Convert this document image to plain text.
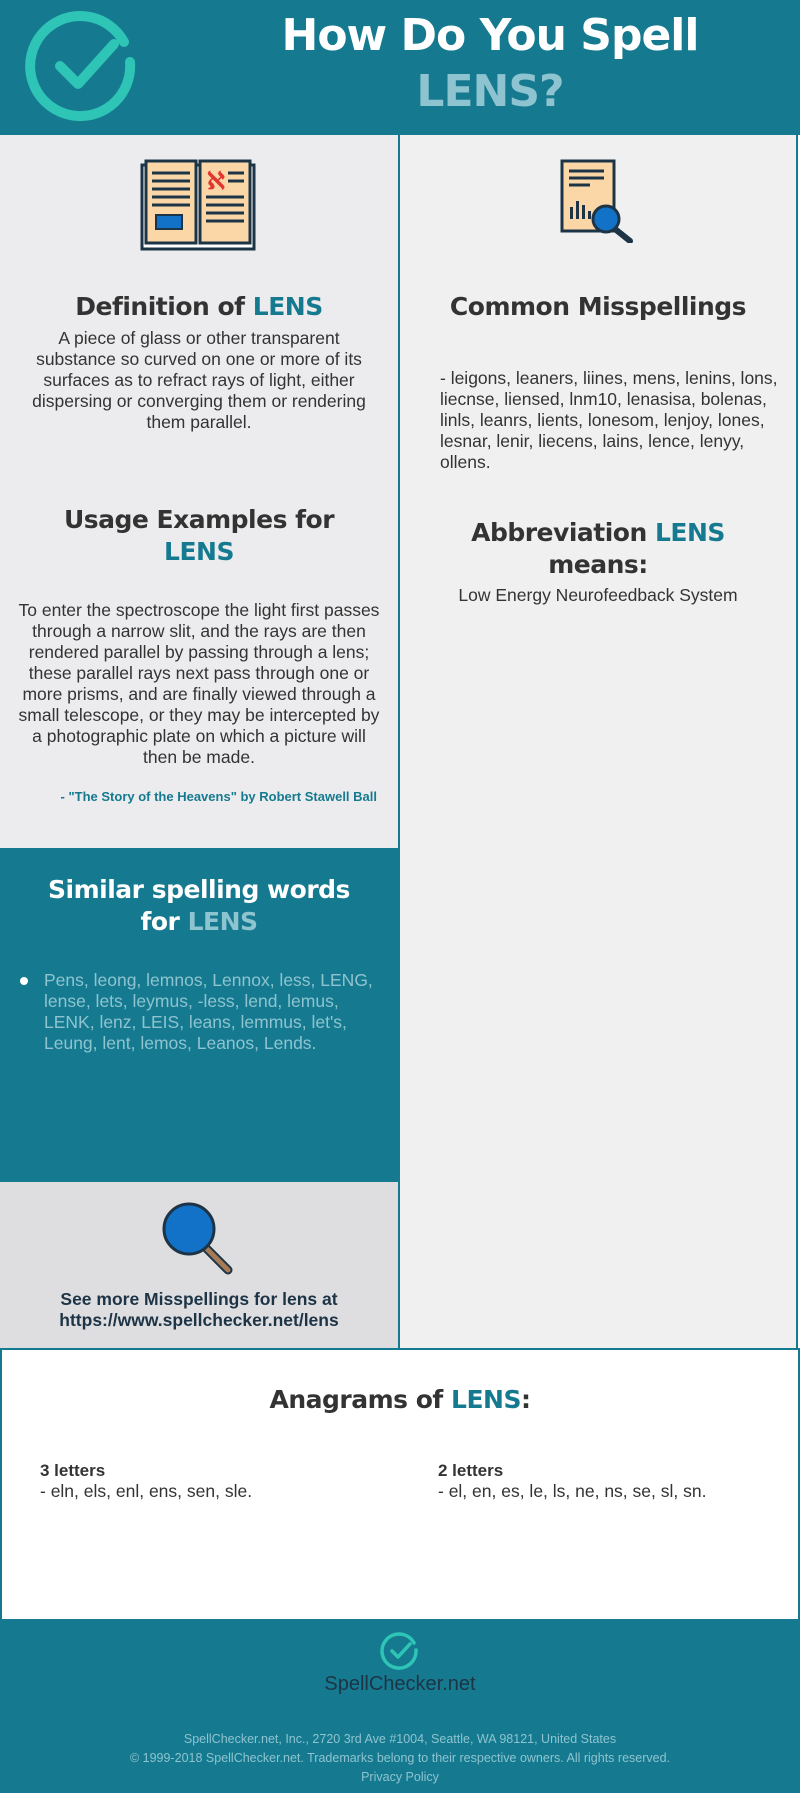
How Do You Spell
LENS?
ℵ
Definition of LENS
A piece of glass or other transparent substance so curved on one or more of its surfaces as to refract rays of light, either dispersing or converging them or rendering them parallel.
Usage Examples for
LENS
To enter the spectroscope the light first passes through a narrow slit, and the rays are then rendered parallel by passing through a lens; these parallel rays next pass through one or more prisms, and are finally viewed through a small telescope, or they may be intercepted by a photographic plate on which a picture will then be made.
- "The Story of the Heavens" by Robert Stawell Ball
Similar spelling words
for LENS
Pens, leong, lemnos, Lennox, less, LENG, lense, lets, leymus, -less, lend, lemus, LENK, lenz, LEIS, leans, lemmus, let's, Leung, lent, lemos, Leanos, Lends.
See more Misspellings for lens at
https://www.spellchecker.net/lens
Common Misspellings
- leigons, leaners, liines, mens, lenins, lons, liecnse, liensed, lnm10, lenasisa, bolenas, linls, leanrs, lients, lonesom, lenjoy, lones, lesnar, lenir, liecens, lains, lence, lenyy, ollens.
Abbreviation LENS
means:
Low Energy Neurofeedback System
Anagrams of LENS:
3 letters
- eln, els, enl, ens, sen, sle.
2 letters
- el, en, es, le, ls, ne, ns, se, sl, sn.
SpellChecker.net
SpellChecker.net, Inc., 2720 3rd Ave #1004, Seattle, WA 98121, United States
© 1999-2018 SpellChecker.net. Trademarks belong to their respective owners. All rights reserved.
Privacy Policy
